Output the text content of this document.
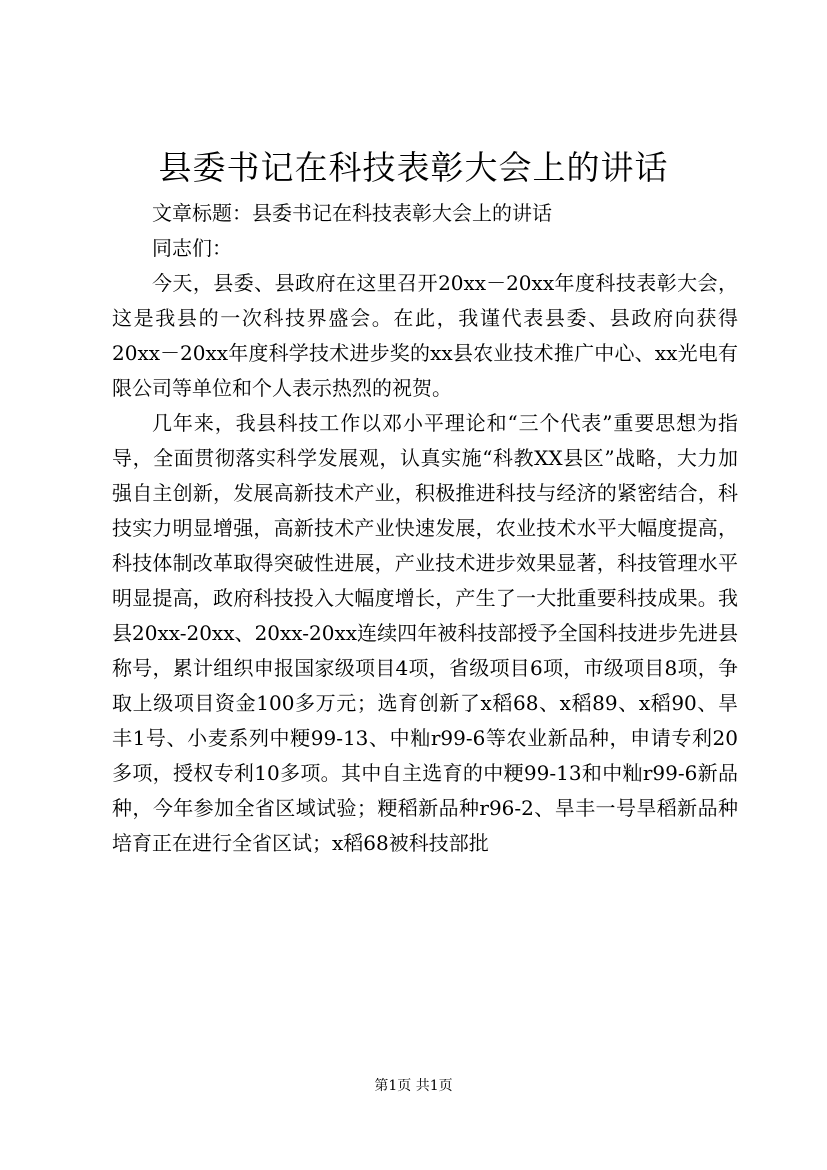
县委书记在科技表彰大会上的讲话

文章标题：县委书记在科技表彰大会上的讲话

同志们：

今天，县委、县政府在这里召开20xx－20xx年度科技表彰大会，这是我县的一次科技界盛会。在此，我谨代表县委、县政府向获得20xx－20xx年度科学技术进步奖的xx县农业技术推广中心、xx光电有限公司等单位和个人表示热烈的祝贺。

几年来，我县科技工作以邓小平理论和“三个代表”重要思想为指导，全面贯彻落实科学发展观，认真实施“科教XX县区”战略，大力加强自主创新，发展高新技术产业，积极推进科技与经济的紧密结合，科技实力明显增强，高新技术产业快速发展，农业技术水平大幅度提高，科技体制改革取得突破性进展，产业技术进步效果显著，科技管理水平明显提高，政府科技投入大幅度增长，产生了一大批重要科技成果。我县20xx-20xx、20xx-20xx连续四年被科技部授予全国科技进步先进县称号，累计组织申报国家级项目4项，省级项目6项，市级项目8项，争取上级项目资金100多万元；选育创新了x稻68、x稻89、x稻90、旱丰1号、小麦系列中粳99-13、中籼r99-6等农业新品种，申请专利20多项，授权专利10多项。其中自主选育的中粳99-13和中籼r99-6新品种，今年参加全省区域试验；粳稻新品种r96-2、旱丰一号旱稻新品种培育正在进行全省区试；x稻68被科技部批

第1页 共1页
